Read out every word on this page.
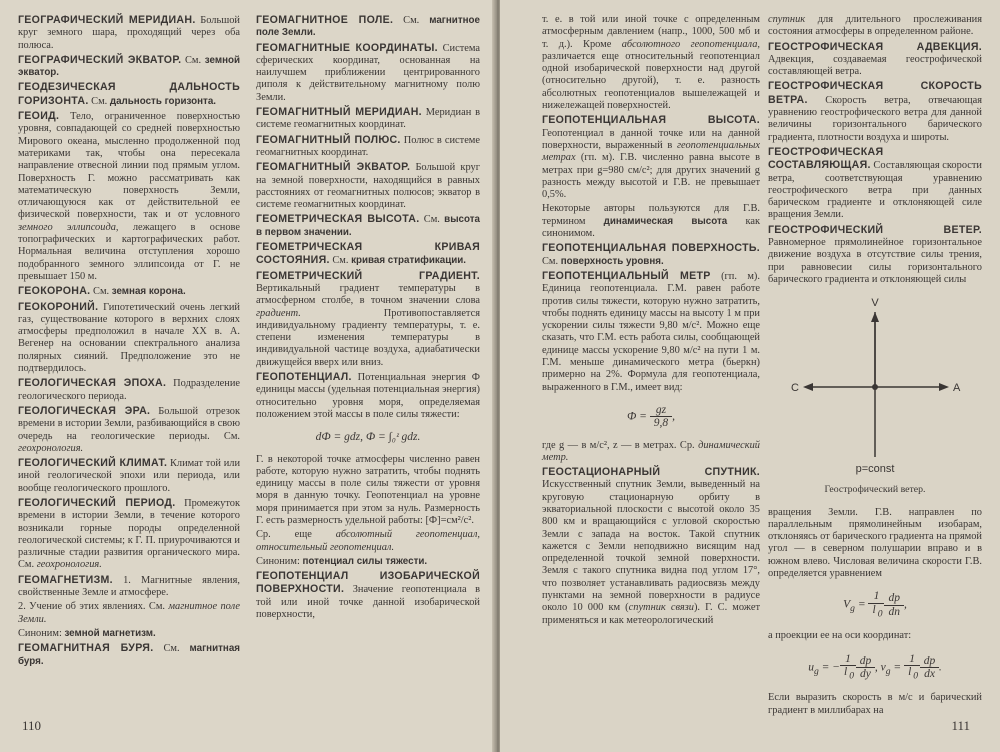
ГЕОГРАФИЧЕСКИЙ МЕРИДИАН. Большой круг земного шара, проходящий через оба полюса.
ГЕОГРАФИЧЕСКИЙ ЭКВАТОР. См. земной экватор.
ГЕОДЕЗИЧЕСКАЯ ДАЛЬНОСТЬ ГОРИЗОНТА. См. дальность горизонта.
ГЕОИД. Тело, ограниченное поверхностью уровня, совпадающей со средней поверхностью Мирового океана, мысленно продолженной под материками так, чтобы она пересекала направление отвесной линии под прямым углом. Поверхность Г. можно рассматривать как математическую поверхность Земли, отличающуюся как от действительной ее физической поверхности, так и от условного земного эллипсоида, лежащего в основе топографических и картографических работ. Нормальная величина отступления хорошо подобранного земного эллипсоида от Г. не превышает 150 м.
ГЕОКОРОНА. См. земная корона.
ГЕОКОРОНИЙ. Гипотетический очень легкий газ, существование которого в верхних слоях атмосферы предположил в начале XX в. А. Вегенер на основании спектрального анализа полярных сияний. Предположение это не подтвердилось.
ГЕОЛОГИЧЕСКАЯ ЭПОХА. Подразделение геологического периода.
ГЕОЛОГИЧЕСКАЯ ЭРА. Большой отрезок времени в истории Земли, разбивающийся в свою очередь на геологические периоды. См. геохронология.
ГЕОЛОГИЧЕСКИЙ КЛИМАТ. Климат той или иной геологической эпохи или периода, или вообще геологического прошлого.
ГЕОЛОГИЧЕСКИЙ ПЕРИОД. Промежуток времени в истории Земли, в течение которого возникали горные породы определенной геологической системы; к Г. П. приурочиваются и различные стадии развития органического мира. См. геохронология.
ГЕОМАГНЕТИЗМ. 1. Магнитные явления, свойственные Земле и атмосфере.
2. Учение об этих явлениях. См. магнитное поле Земли.
Синоним: земной магнетизм.
ГЕОМАГНИТНАЯ БУРЯ. См. магнитная буря.
ГЕОМАГНИТНОЕ ПОЛЕ. См. магнитное поле Земли.
ГЕОМАГНИТНЫЕ КООРДИНАТЫ. Система сферических координат, основанная на наилучшем приближении центрированного диполя к действительному магнитному полю Земли.
ГЕОМАГНИТНЫЙ МЕРИДИАН. Меридиан в системе геомагнитных координат.
ГЕОМАГНИТНЫЙ ПОЛЮС. Полюс в системе геомагнитных координат.
ГЕОМАГНИТНЫЙ ЭКВАТОР. Большой круг на земной поверхности, находящийся в равных расстояниях от геомагнитных полюсов; экватор в системе геомагнитных координат.
ГЕОМЕТРИЧЕСКАЯ ВЫСОТА. См. высота в первом значении.
ГЕОМЕТРИЧЕСКАЯ КРИВАЯ СОСТОЯНИЯ. См. кривая стратификации.
ГЕОМЕТРИЧЕСКИЙ ГРАДИЕНТ. Вертикальный градиент температуры в атмосферном столбе, в точном значении слова градиент. Противопоставляется индивидуальному градиенту температуры, т. е. степени изменения температуры в индивидуальной частице воздуха, адиабатически движущейся вверх или вниз.
ГЕОПОТЕНЦИАЛ. Потенциальная энергия Ф единицы массы (удельная потенциальная энергия) относительно уровня моря, определяемая положением этой массы в поле силы тяжести:
dФ = gdz, Ф = ∫₀ᶻ gdz.
Г. в некоторой точке атмосферы численно равен работе, которую нужно затратить, чтобы поднять единицу массы в поле силы тяжести от уровня моря в данную точку. Геопотенциал на уровне моря принимается при этом за нуль. Размерность Г. есть размерность удельной работы: [Ф]=см²/с².
Ср. еще абсолютный геопотенциал, относительный геопотенциал.
Синоним: потенциал силы тяжести.
ГЕОПОТЕНЦИАЛ ИЗОБАРИЧЕСКОЙ ПОВЕРХНОСТИ. Значение геопотенциала в той или иной точке данной изобарической поверхности,
110
т. е. в той или иной точке с определенным атмосферным давлением (напр., 1000, 500 мб и т. д.). Кроме абсолютного геопотенциала, различается еще относительный геопотенциал одной изобарической поверхности над другой (относительно другой), т. е. разность абсолютных геопотенциалов вышележащей и нижележащей поверхностей.
ГЕОПОТЕНЦИАЛЬНАЯ ВЫСОТА. Геопотенциал в данной точке или на данной поверхности, выраженный в геопотенциальных метрах (гп. м). Г.В. численно равна высоте в метрах при g=980 см/с²; для других значений g разность между высотой и Г.В. не превышает 0,5%.
Некоторые авторы пользуются для Г.В. термином динамическая высота как синонимом.
ГЕОПОТЕНЦИАЛЬНАЯ ПОВЕРХНОСТЬ. См. поверхность уровня.
ГЕОПОТЕНЦИАЛЬНЫЙ МЕТР (гп. м). Единица геопотенциала. Г.М. равен работе против силы тяжести, которую нужно затратить, чтобы поднять единицу массы на высоту 1 м при ускорении силы тяжести 9,80 м/с². Можно еще сказать, что Г.М. есть работа силы, сообщающей единице массы ускорение 9,80 м/с² на пути 1 м. Г.М. меньше динамического метра (бьеркн) примерно на 2%. Формула для геопотенциала, выраженного в Г.М., имеет вид:
$Ф = \frac{gz}{9,8}$ ,
где g — в м/с², z — в метрах. Ср. динамический метр.
ГЕОСТАЦИОНАРНЫЙ СПУТНИК. Искусственный спутник Земли, выведенный на круговую стационарную орбиту в экваториальной плоскости с высотой около 35 800 км и вращающийся с угловой скоростью Земли с запада на восток. Такой спутник кажется с Земли неподвижно висящим над определенной точкой земной поверхности. Земля с такого спутника видна под углом 17°, что позволяет устанавливать радиосвязь между пунктами на земной поверхности в радиусе около 10 000 км (спутник связи). Г. С. может применяться и как метеорологический
спутник для длительного прослеживания состояния атмосферы в определенном районе.
ГЕОСТРОФИЧЕСКАЯ АДВЕКЦИЯ. Адвекция, создаваемая геострофической составляющей ветра.
ГЕОСТРОФИЧЕСКАЯ СКОРОСТЬ ВЕТРА. Скорость ветра, отвечающая уравнению геострофического ветра для данной величины горизонтального барического градиента, плотности воздуха и широты.
ГЕОСТРОФИЧЕСКАЯ СОСТАВЛЯЮЩАЯ. Составляющая скорости ветра, соответствующая уравнению геострофического ветра при данных барическом градиенте и отклоняющей силе вращения Земли.
ГЕОСТРОФИЧЕСКИЙ ВЕТЕР. Равномерное прямолинейное горизонтальное движение воздуха в отсутствие силы трения, при равновесии силы горизонтального барического градиента и отклоняющей силы
V
C	A
p=const
Геострофический ветер.
вращения Земли. Г.В. направлен по параллельным прямолинейным изобарам, отклоняясь от барического градиента на прямой угол — в северном полушарии вправо и в южном влево. Числовая величина скорости Г.В. определяется уравнением
$V_g = \frac{1}{l _0} \frac{dp}{dn}$ ,
а проекции ее на оси координат:
$u_g$ = − $\frac{1}{l _0} \frac{dp}{dy}$ , $v_g = \frac{1}{l _0} \frac{dp}{dx}$ .
Если выразить скорость в м/с и барический градиент в миллибарах на
111
